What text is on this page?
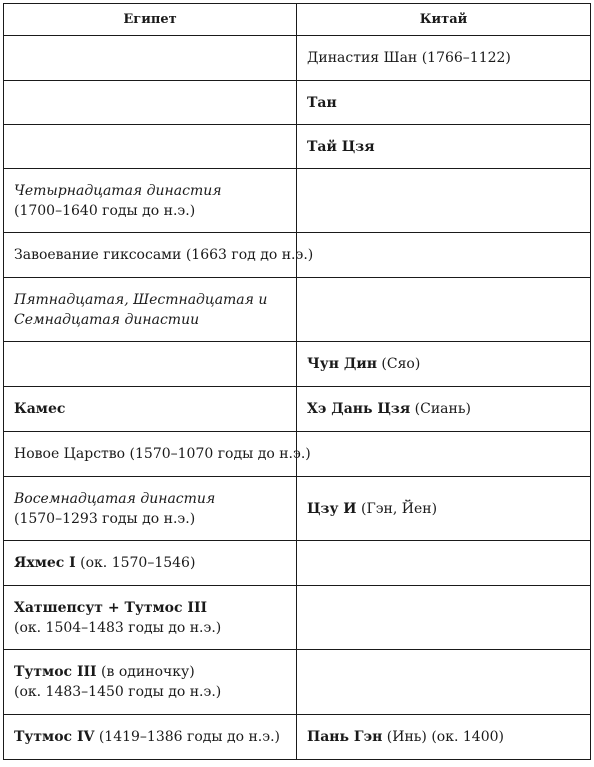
Египет	Китай

	Династия Шан (1766–1122)

	Тан

	Тай Цзя

Четырнадцатая династия
(1700–1640 годы до н.э.)	

Завоевание гиксосами (1663 год до н.э.)	

Пятнадцатая, Шестнадцатая и
Семнадцатая династии	

	Чун Дин (Сяо)

Камес	Хэ Дань Цзя (Сиань)

Новое Царство (1570–1070 годы до н.э.)	

Восемнадцатая династия
(1570–1293 годы до н.э.)	Цзу И (Гэн, Йен)

Яхмес I (ок. 1570–1546)	

Хатшепсут + Тутмос III
(ок. 1504–1483 годы до н.э.)	

Тутмос III (в одиночку)
(ок. 1483–1450 годы до н.э.)	

Тутмос IV (1419–1386 годы до н.э.)	Пань Гэн (Инь) (ок. 1400)
